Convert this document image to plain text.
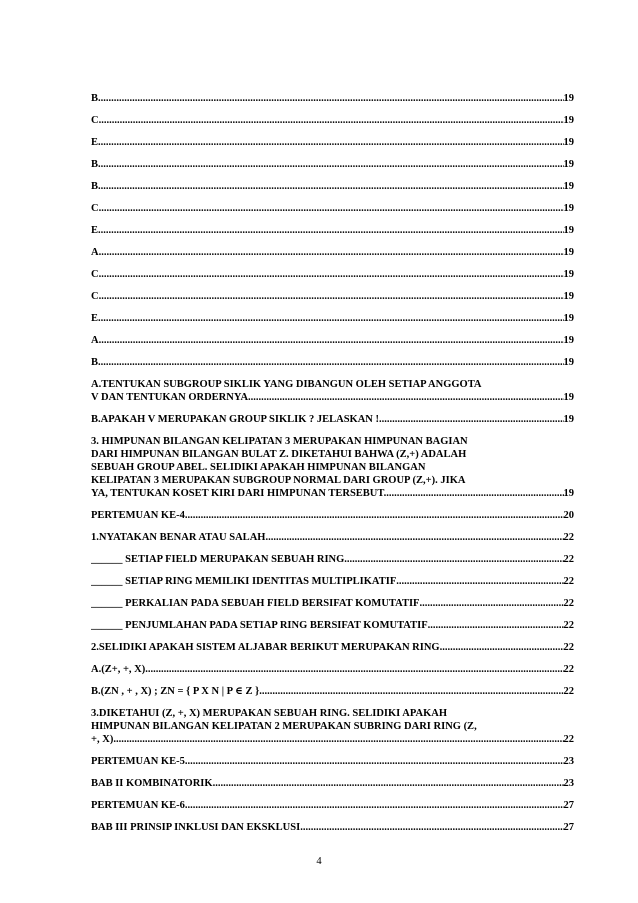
B .....	19
C .....	19
E .....	19
B .....	19
B .....	19
C .....	19
E .....	19
A .....	19
C .....	19
C .....	19
E .....	19
A .....	19
B .....	19
A.TENTUKAN SUBGROUP SIKLIK YANG DIBANGUN OLEH SETIAP ANGGOTA
V DAN TENTUKAN ORDERNYA. .....	19
B.APAKAH V MERUPAKAN GROUP SIKLIK ? JELASKAN ! .....	19
3. HIMPUNAN BILANGAN KELIPATAN 3 MERUPAKAN HIMPUNAN BAGIAN
DARI HIMPUNAN BILANGAN BULAT Z. DIKETAHUI BAHWA (Z,+) ADALAH
SEBUAH GROUP ABEL. SELIDIKI APAKAH HIMPUNAN BILANGAN
KELIPATAN 3 MERUPAKAN SUBGROUP NORMAL DARI GROUP (Z,+). JIKA
YA, TENTUKAN KOSET KIRI DARI HIMPUNAN TERSEBUT. .....	19
PERTEMUAN KE-4 .....	20
1.NYATAKAN BENAR ATAU SALAH .....	22
______ SETIAP FIELD MERUPAKAN SEBUAH RING .....	22
______ SETIAP RING MEMILIKI IDENTITAS MULTIPLIKATIF .....	22
______ PERKALIAN PADA SEBUAH FIELD BERSIFAT KOMUTATIF .....	22
______ PENJUMLAHAN PADA SETIAP RING BERSIFAT KOMUTATIF .....	22
2.SELIDIKI APAKAH SISTEM ALJABAR BERIKUT MERUPAKAN RING. .....	22
A.(Z+, +, X) .....	22
B.(ZN , + , X) ; ZN = { P X N | P ∈ Z } .....	22
3.DIKETAHUI (Z, +, X) MERUPAKAN SEBUAH RING. SELIDIKI APAKAH
HIMPUNAN BILANGAN KELIPATAN 2 MERUPAKAN SUBRING DARI RING (Z,
+, X) .....	22
PERTEMUAN KE-5 .....	23
BAB II KOMBINATORIK .....	23
PERTEMUAN KE-6 .....	27
BAB III PRINSIP INKLUSI DAN EKSKLUSI .....	27
4
